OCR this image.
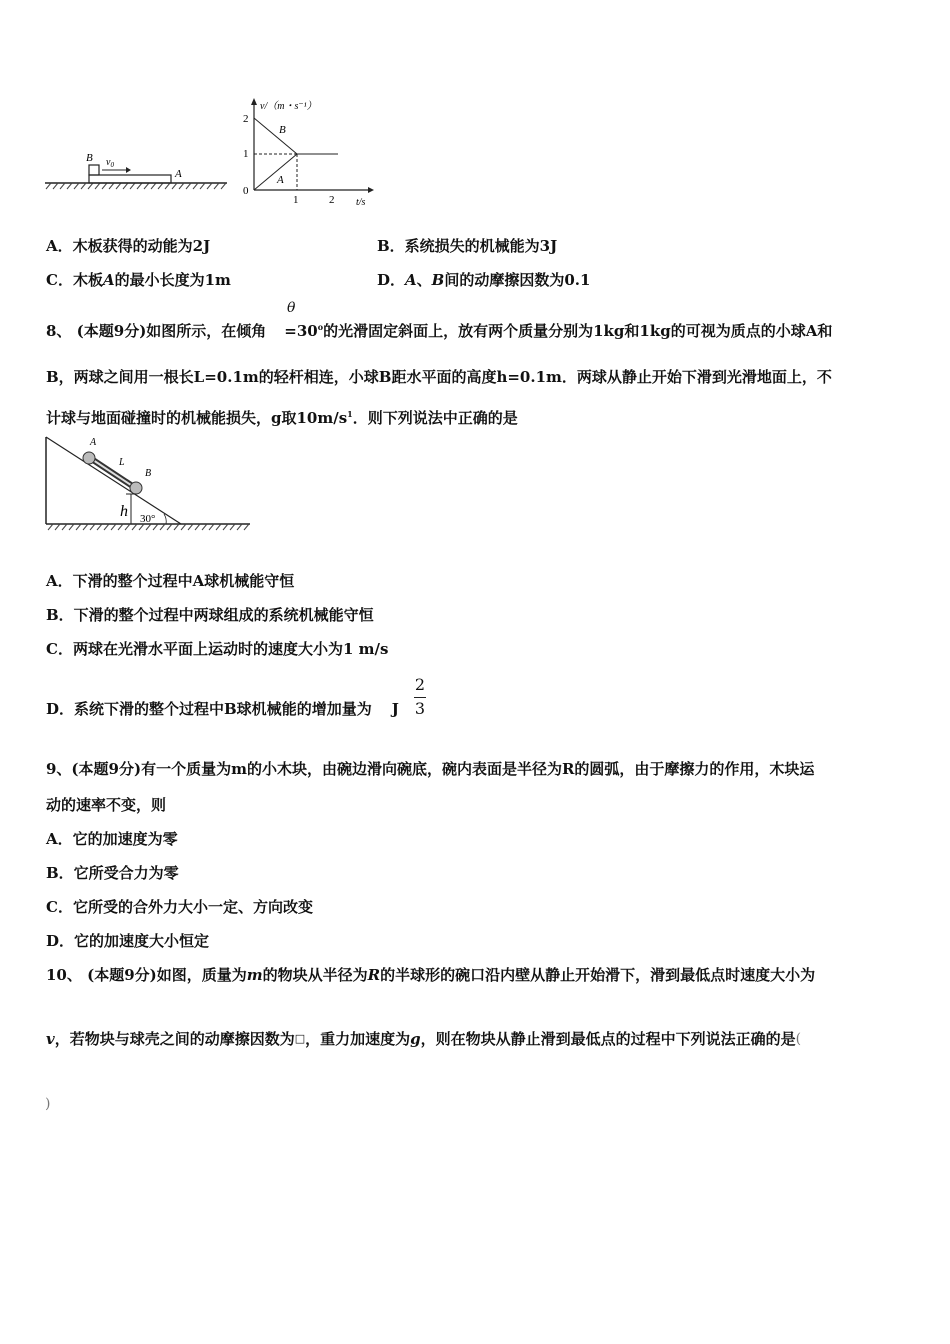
B $v_0$
A
v/（m・s⁻¹）
2
1
0
1	2 t/s
B
A
A．木板获得的动能为2J	B．系统损失的机械能为3J
C．木板A的最小长度为1m	D．A、B间的动摩擦因数为0.1
8、 (本题9分)如图所示，在倾角 $=30^o$的光滑固定斜面上，放有两个质量分别为1kg和1kg的可视为质点的小球A和
θ
B，两球之间用一根长L=0.1m的轻杆相连，小球B距水平面的高度h=0.1m．两球从静止开始下滑到光滑地面上，不
计球与地面碰撞时的机械能损失，g取$10m/s^1$．则下列说法中正确的是
A
L
B
h 30°
A．下滑的整个过程中A球机械能守恒
B．下滑的整个过程中两球组成的系统机械能守恒
C．两球在光滑水平面上运动时的速度大小为1 m/s
D．系统下滑的整个过程中B球机械能的增加量为 J
2
3
9、(本题9分)有一个质量为m的小木块，由碗边滑向碗底，碗内表面是半径为R的圆弧，由于摩擦力的作用，木块运
动的速率不变，则
A．它的加速度为零
B．它所受合力为零
C．它所受的合外力大小一定、方向改变
D．它的加速度大小恒定
10、 (本题9分)如图，质量为m的物块从半径为R的半球形的碗口沿内壁从静止开始滑下，滑到最低点时速度大小为
v，若物块与球壳之间的动摩擦因数为□，重力加速度为g，则在物块从静止滑到最低点的过程中下列说法正确的是(
)
